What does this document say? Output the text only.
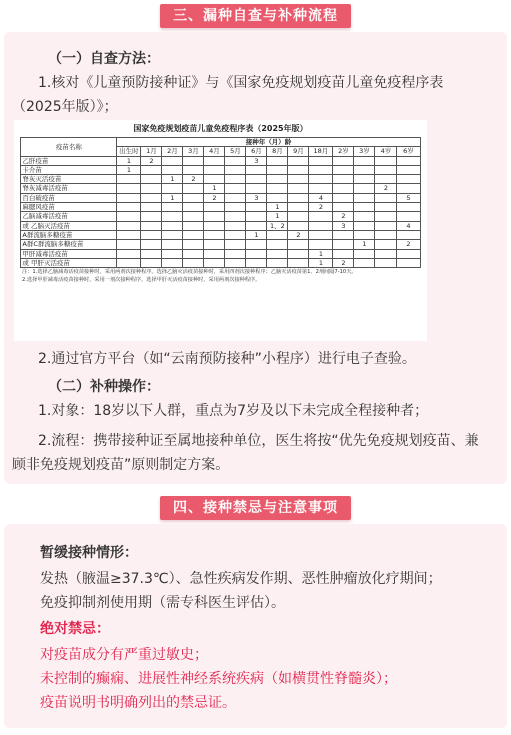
三、漏种自查与补种流程
（一）自查方法：
1.核对《儿童预防接种证》与《国家免疫规划疫苗儿童免疫程序表
（2025年版）》；
国家免疫规划疫苗儿童免疫程序表（2025年版）
疫苗名称	接种年（月）龄													
	出生时	1月	2月	3月	4月	5月	6月	8月	9月	18月	2岁	3岁	4岁	6岁
乙肝疫苗	1	2					3							
卡介苗	1													
脊灰灭活疫苗			1	2										
脊灰减毒活疫苗					1								2	
百白破疫苗			1		2		3			4				5
麻腮风疫苗								1		2				
乙脑减毒活疫苗								1			2			
或 乙脑灭活疫苗								1、2			3			4
A群流脑多糖疫苗							1		2					
A群C群流脑多糖疫苗												1		2
甲肝减毒活疫苗										1				
或 甲肝灭活疫苗										1	2			
注：1.选择乙脑减毒活疫苗接种时，采用两剂次接种程序。选择乙脑灭活疫苗接种时，采用四剂次接种程序；乙脑灭活疫苗第1、2剂间隔7-10天。
2.选择甲肝减毒活疫苗接种时，采用一剂次接种程序。选择甲肝灭活疫苗接种时，采用两剂次接种程序。
2.通过官方平台（如“云南预防接种”小程序）进行电子查验。
（二）补种操作：
1.对象：18岁以下人群，重点为7岁及以下未完成全程接种者；
2.流程：携带接种证至属地接种单位，医生将按“优先免疫规划疫苗、兼
顾非免疫规划疫苗”原则制定方案。
四、接种禁忌与注意事项
暂缓接种情形：
发热（腋温≥37.3℃）、急性疾病发作期、恶性肿瘤放化疗期间；
免疫抑制剂使用期（需专科医生评估）。
绝对禁忌：
对疫苗成分有严重过敏史；
未控制的癫痫、进展性神经系统疾病（如横贯性脊髓炎）；
疫苗说明书明确列出的禁忌证。
